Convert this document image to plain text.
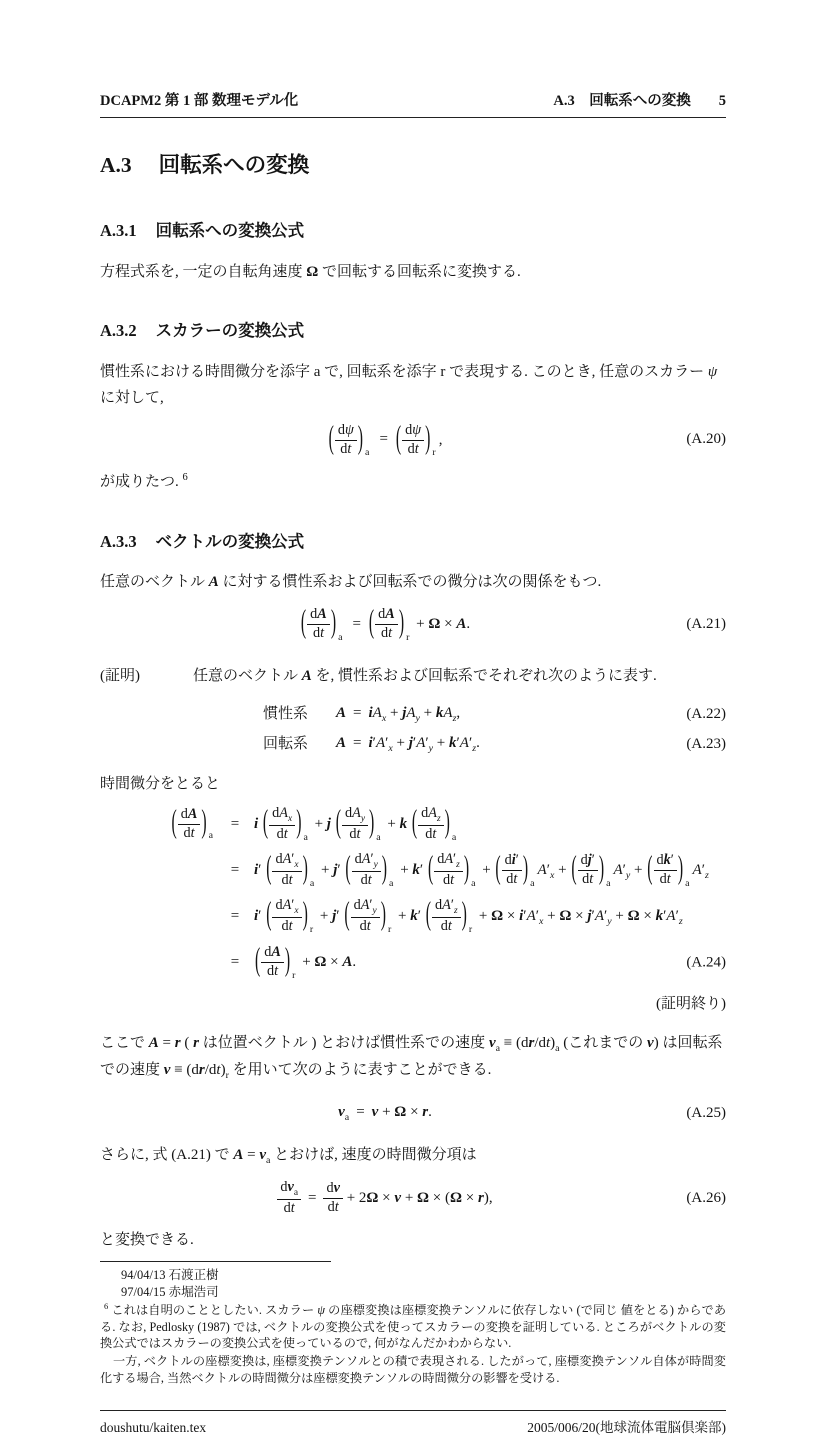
DCAPM2 第 1 部 数理モデル化	A.3　回転系への変換 5
A.3 回転系への変換
A.3.1 回転系への変換公式

方程式系を, 一定の自転角速度 Ω で回転する回転系に変換する.

A.3.2 スカラーの変換公式

慣性系における時間微分を添字 a で, 回転系を添字 r で表現する. このとき, 任意のスカラー ψ に対して,

( $\frac{d\psi}{dt}$ ) $_a$= ( $\frac{d\psi}{dt}$ ) $_r$,	(A.20)

が成りたつ. $^6$

A.3.3 ベクトルの変換公式

任意のベクトル A に対する慣性系および回転系での微分は次の関係をもつ.

( $\frac{dA}{dt}$ ) $_a$= ( $\frac{dA}{dt}$ ) $_r$ + Ω × A.	(A.21)
(証明)	任意のベクトル A を, 慣性系および回転系でそれぞれ次のように表す.
慣性系	$A = iA_x + jA_y + kA_z$,	(A.22)
回転系	$A = i'A'_x + j'A'_y + k'A'_z$.	(A.23)

時間微分をとると

( dA
dt ) a
= i ( $dA_x$
dt ) $_a$ + j ( $dA_y$
dt ) $_a$ + k ( $dA_z$
dt ) $_a$
= i′ ( $\frac{dA'_x}{dt}$ ) $_a$ + j′ ( $\frac{dA'_y}{dt}$ ) $_a$ + k′ ( $\frac{dA'_z}{dt}$ ) $_a$ + ( $\frac{di'}{dt}$ ) $_aA'_x$ + ( $\frac{dj'}{dt}$ ) $_aA'_y$ + ( $\frac{dk'}{dt}$ ) $_aA'_z$
= i′ ( $\frac{dA'_x}{dt}$ ) $_r$ + j′ ( $\frac{dA'_y}{dt}$ ) $_r$ + k′ ( $\frac{dA'_z}{dt}$ ) $_r + \Omega \times i'A'_x + \Omega \times j'A'_y + \Omega \times k'A'_z$
=	( $\frac{dA}{dt}$ ) $_r$ + Ω × A.	(A.24)
(証明終り)

ここで A = r ( r は位置ベクトル ) とおけば慣性系での速度 $v_a \equiv (dr/dt)_a$ (これまでの v) は回転系での速度 $v \equiv (dr/dt)_r$ を用いて次のように表すことができる.

$v_a = v + \Omega \times r$.	(A.25)

さらに, 式 (A.21) で $A = v_a$ とおけば, 速度の時間微分項は

$dv_a$
dt
= $\frac{dv}{dt} + 2\Omega \times v + \Omega \times (\Omega \times r)$,	(A.26)

と変換できる.

94/04/13 石渡正樹
97/04/15 赤堀浩司

$^6$ これは自明のこととしたい. スカラー ψ の座標変換は座標変換テンソルに依存しない (で同じ 値をとる) からである. なお, Pedlosky (1987) では, ベクトルの変換公式を使ってスカラーの変換を証明している. ところがベクトルの変換公式ではスカラーの変換公式を使っているので, 何がなんだかわからない.

一方, ベクトルの座標変換は, 座標変換テンソルとの積で表現される. したがって, 座標変換テンソル自体が時間変化する場合, 当然ベクトルの時間微分は座標変換テンソルの時間微分の影響を受ける.

doushutu/kaiten.tex	2005/006/20(地球流体電脳倶楽部)
